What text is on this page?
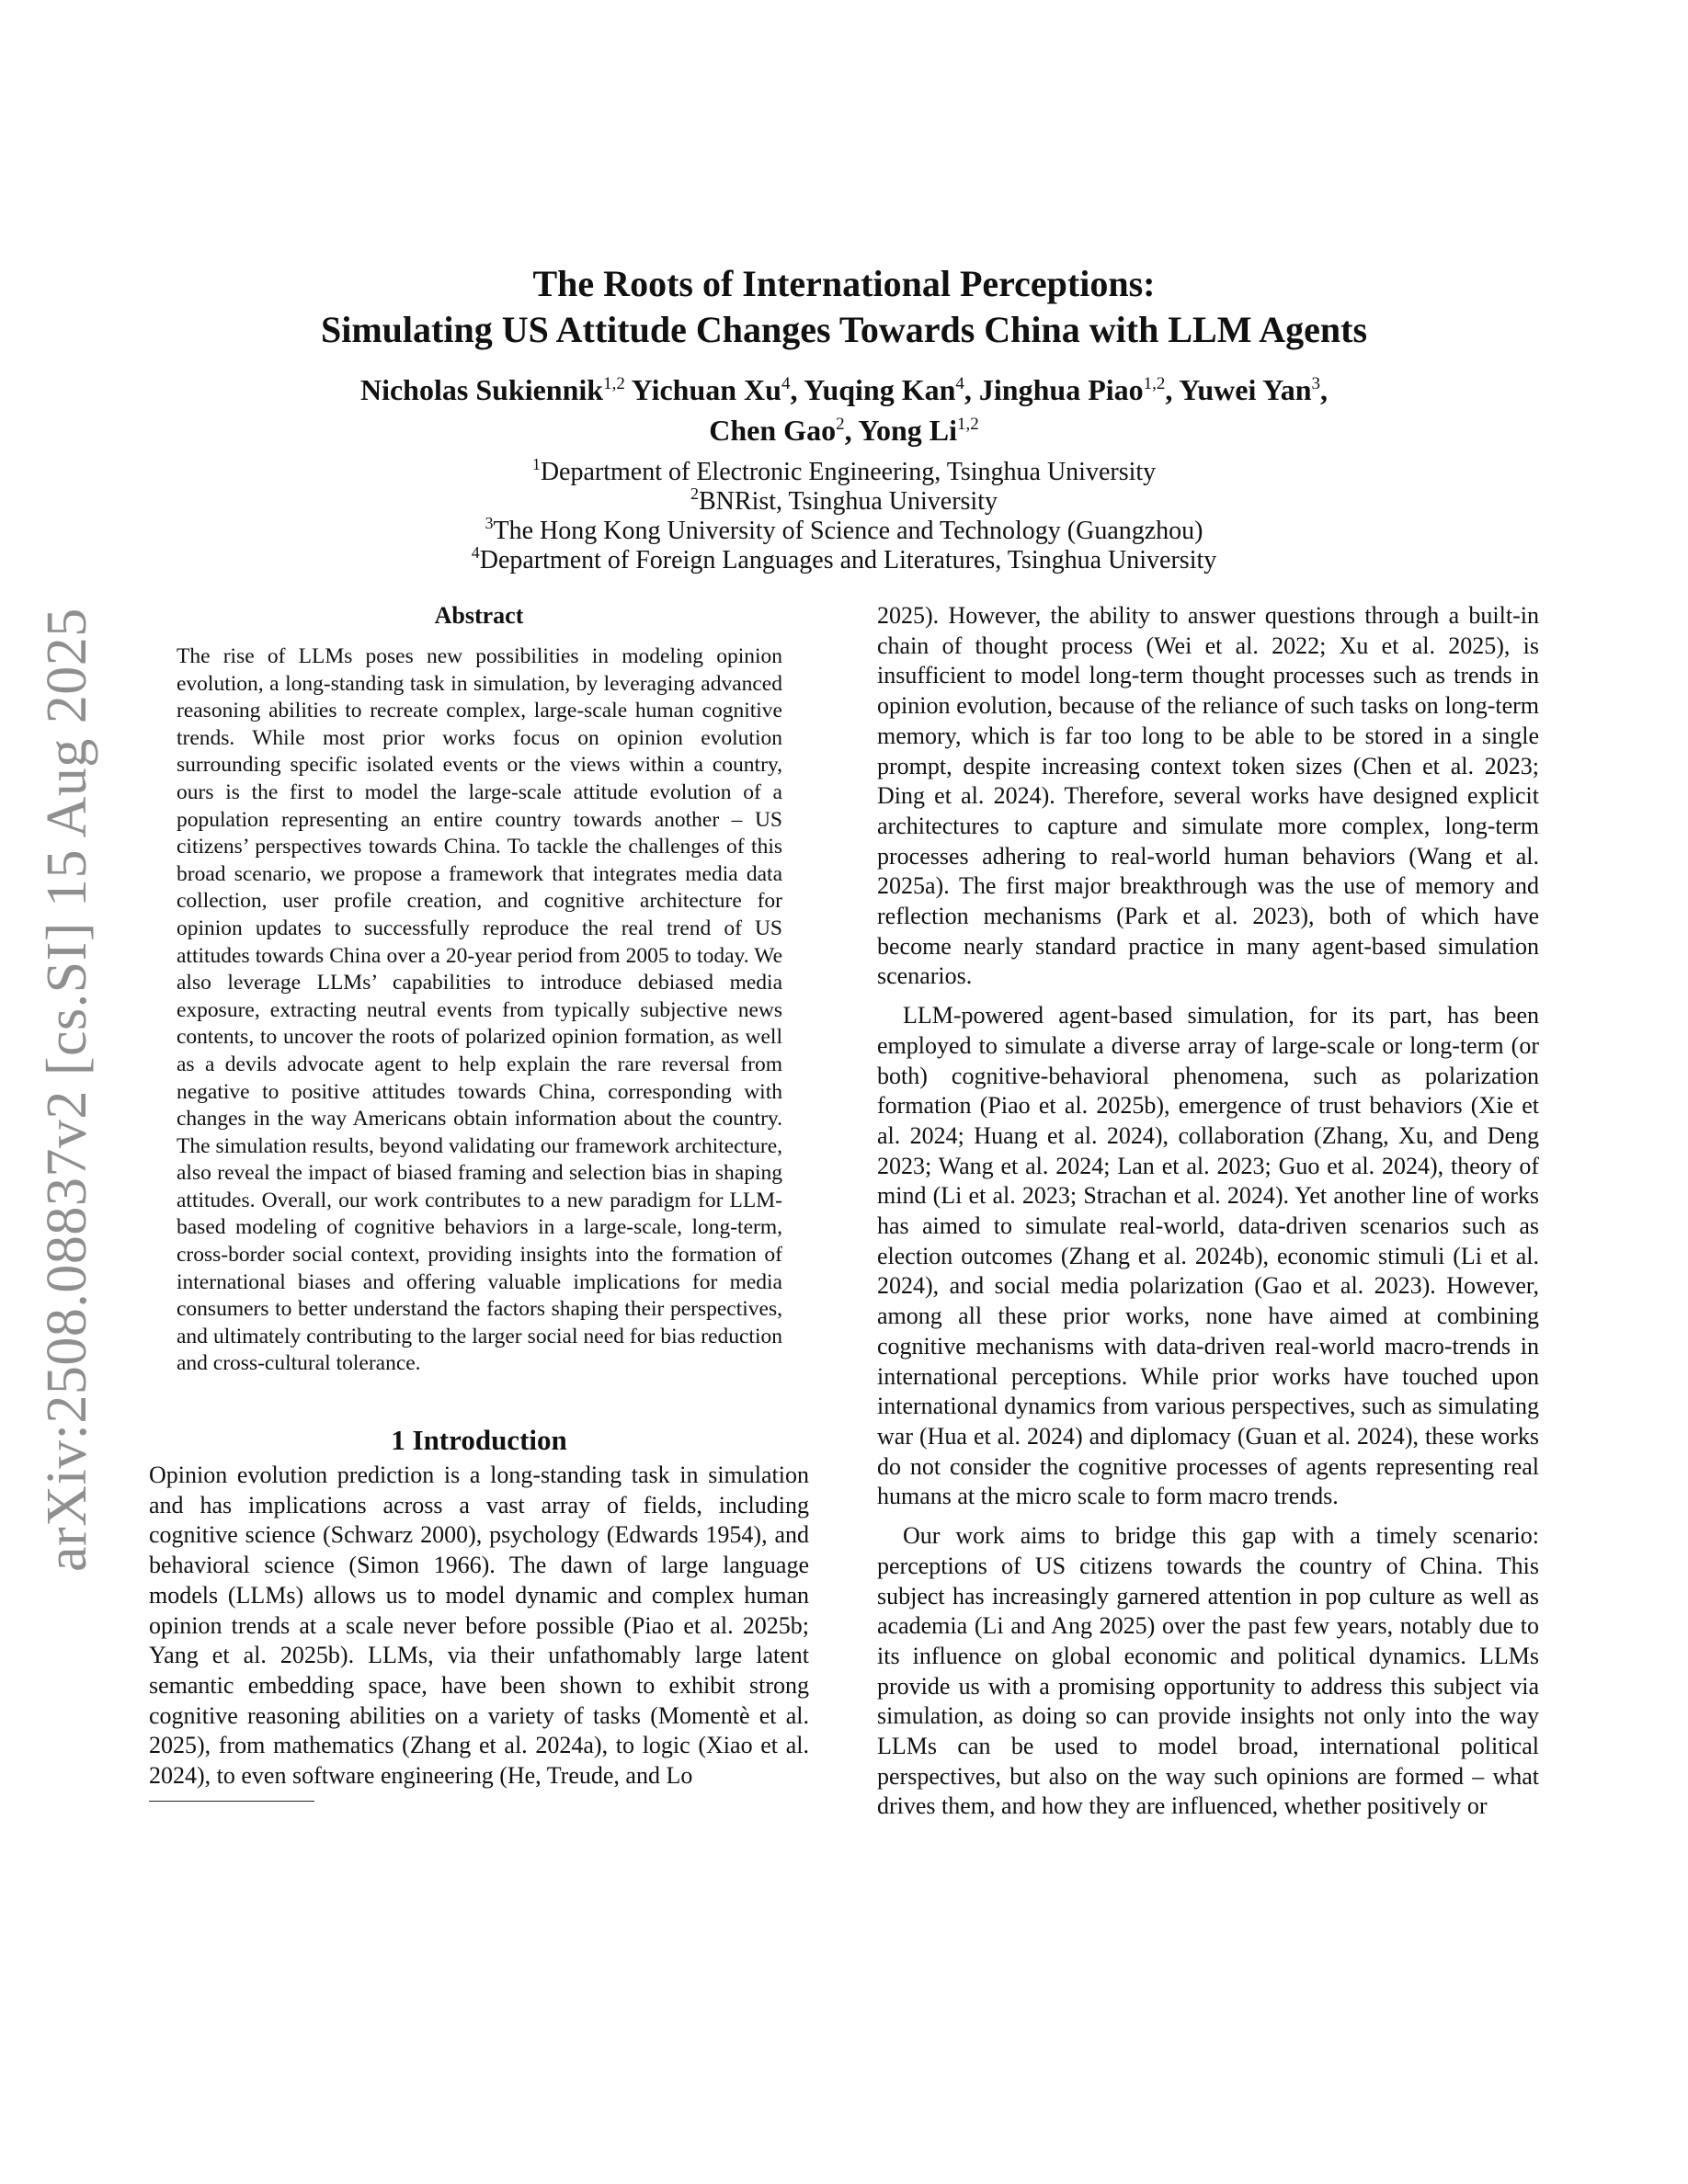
arXiv:2508.08837v2 [cs.SI] 15 Aug 2025
The Roots of International Perceptions:
Simulating US Attitude Changes Towards China with LLM Agents
Nicholas Sukiennik$^{1,2}$ Yichuan Xu$^4$, Yuqing Kan$^4$, Jinghua Piao$^{1,2}$, Yuwei Yan$^3$,
Chen Gao$^2$, Yong Li$^{1,2}$
$^1$Department of Electronic Engineering, Tsinghua University
$^2$BNRist, Tsinghua University
$^3$The Hong Kong University of Science and Technology (Guangzhou)
$^4$Department of Foreign Languages and Literatures, Tsinghua University
Abstract

The rise of LLMs poses new possibilities in modeling opinion evolution, a long-standing task in simulation, by leveraging advanced reasoning abilities to recreate complex, large-scale human cognitive trends. While most prior works focus on opinion evolution surrounding specific isolated events or the views within a country, ours is the first to model the large-scale attitude evolution of a population representing an entire country towards another – US citizens’ perspectives towards China. To tackle the challenges of this broad scenario, we propose a framework that integrates media data collection, user profile creation, and cognitive architecture for opinion updates to successfully reproduce the real trend of US attitudes towards China over a 20-year period from 2005 to today. We also leverage LLMs’ capabilities to introduce debiased media exposure, extracting neutral events from typically subjective news contents, to uncover the roots of polarized opinion formation, as well as a devils advocate agent to help explain the rare reversal from negative to positive attitudes towards China, corresponding with changes in the way Americans obtain information about the country. The simulation results, beyond validating our framework architecture, also reveal the impact of biased framing and selection bias in shaping attitudes. Overall, our work contributes to a new paradigm for LLM-based modeling of cognitive behaviors in a large-scale, long-term, cross-border social context, providing insights into the formation of international biases and offering valuable implications for media consumers to better understand the factors shaping their perspectives, and ultimately contributing to the larger social need for bias reduction and cross-cultural tolerance.

1 Introduction

Opinion evolution prediction is a long-standing task in simulation and has implications across a vast array of fields, including cognitive science (Schwarz 2000), psychology (Edwards 1954), and behavioral science (Simon 1966). The dawn of large language models (LLMs) allows us to model dynamic and complex human opinion trends at a scale never before possible (Piao et al. 2025b; Yang et al. 2025b). LLMs, via their unfathomably large latent semantic embedding space, have been shown to exhibit strong cognitive reasoning abilities on a variety of tasks (Momentè et al. 2025), from mathematics (Zhang et al. 2024a), to logic (Xiao et al. 2024), to even software engineering (He, Treude, and Lo

2025). However, the ability to answer questions through a built-in chain of thought process (Wei et al. 2022; Xu et al. 2025), is insufficient to model long-term thought processes such as trends in opinion evolution, because of the reliance of such tasks on long-term memory, which is far too long to be able to be stored in a single prompt, despite increasing context token sizes (Chen et al. 2023; Ding et al. 2024). Therefore, several works have designed explicit architectures to capture and simulate more complex, long-term processes adhering to real-world human behaviors (Wang et al. 2025a). The first major breakthrough was the use of memory and reflection mechanisms (Park et al. 2023), both of which have become nearly standard practice in many agent-based simulation scenarios.

LLM-powered agent-based simulation, for its part, has been employed to simulate a diverse array of large-scale or long-term (or both) cognitive-behavioral phenomena, such as polarization formation (Piao et al. 2025b), emergence of trust behaviors (Xie et al. 2024; Huang et al. 2024), collaboration (Zhang, Xu, and Deng 2023; Wang et al. 2024; Lan et al. 2023; Guo et al. 2024), theory of mind (Li et al. 2023; Strachan et al. 2024). Yet another line of works has aimed to simulate real-world, data-driven scenarios such as election outcomes (Zhang et al. 2024b), economic stimuli (Li et al. 2024), and social media polarization (Gao et al. 2023). However, among all these prior works, none have aimed at combining cognitive mechanisms with data-driven real-world macro-trends in international perceptions. While prior works have touched upon international dynamics from various perspectives, such as simulating war (Hua et al. 2024) and diplomacy (Guan et al. 2024), these works do not consider the cognitive processes of agents representing real humans at the micro scale to form macro trends.

Our work aims to bridge this gap with a timely scenario: perceptions of US citizens towards the country of China. This subject has increasingly garnered attention in pop culture as well as academia (Li and Ang 2025) over the past few years, notably due to its influence on global economic and political dynamics. LLMs provide us with a promising opportunity to address this subject via simulation, as doing so can provide insights not only into the way LLMs can be used to model broad, international political perspectives, but also on the way such opinions are formed – what drives them, and how they are influenced, whether positively or
